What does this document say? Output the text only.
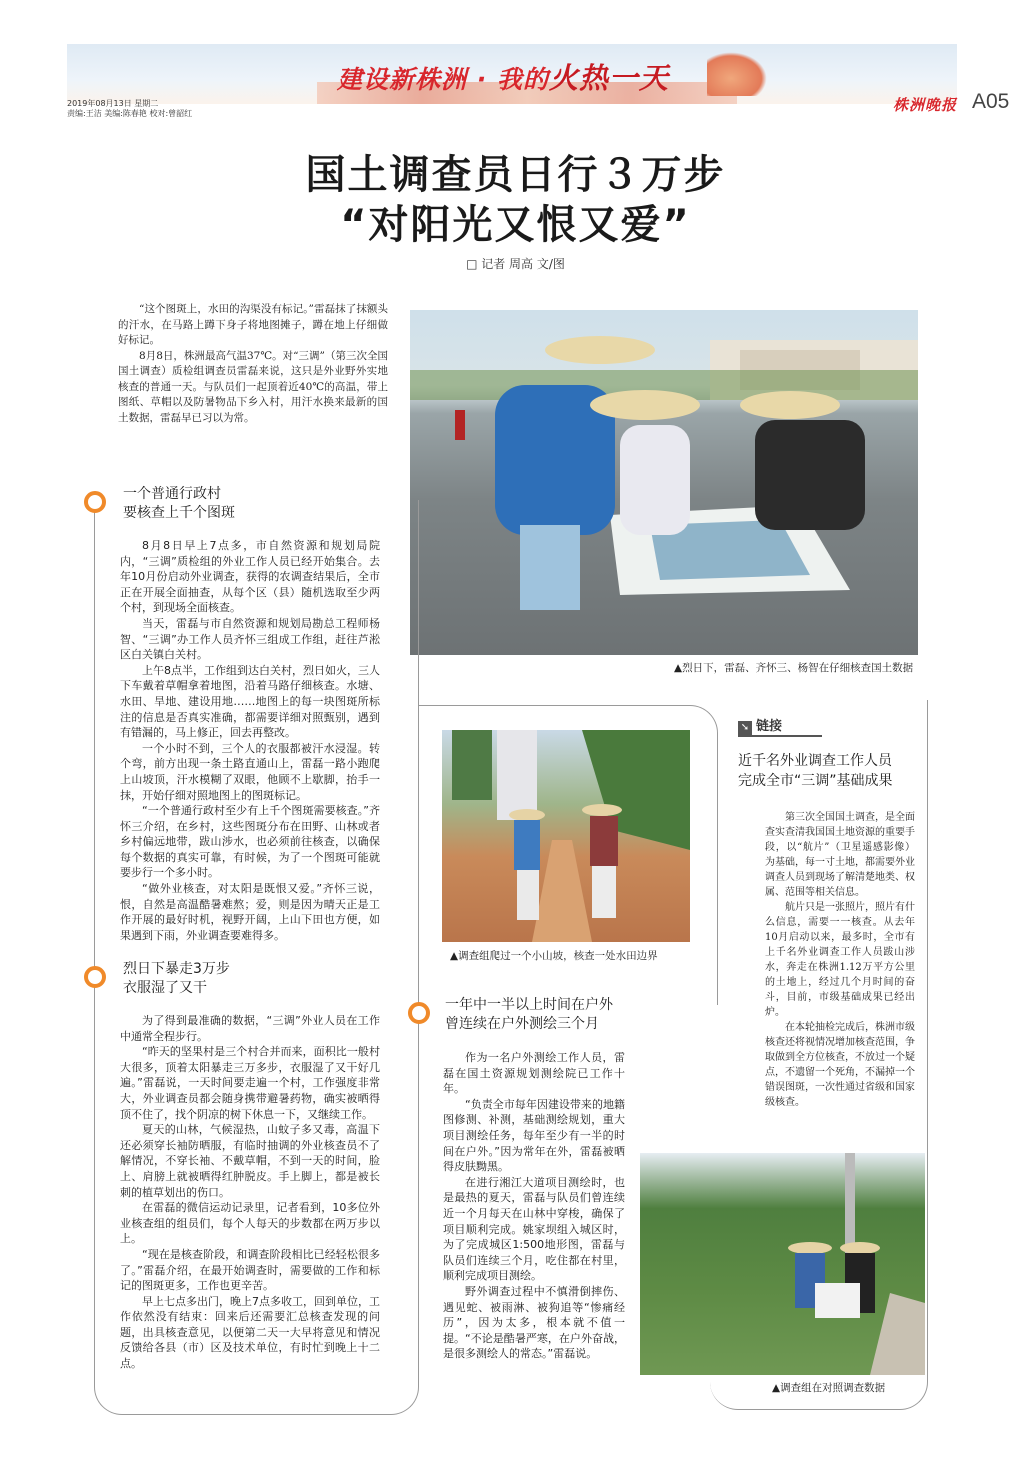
建设新株洲 · 我的火热一天
株洲晚报 A05
2019年08月13日 星期二
责编:王洁 美编:陈春艳 校对:曾韶红
国土调查员日行３万步
“对阳光又恨又爱”
□ 记者 周高 文/图

“这个图斑上，水田的沟渠没有标记。”雷磊抹了抹额头的汗水，在马路上蹲下身子将地图摊子，蹲在地上仔细做好标记。

8月8日，株洲最高气温37℃。对“三调”（第三次全国国土调查）质检组调查员雷磊来说，这只是外业野外实地核查的普通一天。与队员们一起顶着近40℃的高温，带上图纸、草帽以及防暑物品下乡入村，用汗水换来最新的国土数据，雷磊早已习以为常。

▲烈日下，雷磊、齐怀三、杨智在仔细核查国土数据
一个普通行政村
要核查上千个图斑

8月8日早上7点多，市自然资源和规划局院内，“三调”质检组的外业工作人员已经开始集合。去年10月份启动外业调查，获得的农调查结果后，全市正在开展全面抽查，从每个区（县）随机选取至少两个村，到现场全面核查。

当天，雷磊与市自然资源和规划局勘总工程师杨智、“三调”办工作人员齐怀三组成工作组，赶往芦淞区白关镇白关村。

上午8点半，工作组到达白关村，烈日如火，三人下车戴着草帽拿着地图，沿着马路仔细核查。水塘、水田、旱地、建设用地……地图上的每一块图斑所标注的信息是否真实准确，都需要详细对照甄别，遇到有错漏的，马上修正，回去再整改。

一个小时不到，三个人的衣服都被汗水浸湿。转个弯，前方出现一条土路直通山上，雷磊一路小跑爬上山坡顶，汗水模糊了双眼，他顾不上歇脚，抬手一抹，开始仔细对照地图上的图斑标记。

“一个普通行政村至少有上千个图斑需要核查。”齐怀三介绍，在乡村，这些图斑分布在田野、山林或者乡村偏远地带，跋山涉水，也必须前往核查，以确保每个数据的真实可靠，有时候，为了一个图斑可能就要步行一个多小时。

“做外业核查，对太阳是既恨又爱。”齐怀三说，恨，自然是高温酷暑难熬；爱，则是因为晴天正是工作开展的最好时机，视野开阔，上山下田也方便，如果遇到下雨，外业调查要难得多。

烈日下暴走3万步
衣服湿了又干

为了得到最准确的数据，“三调”外业人员在工作中通常全程步行。

“昨天的坚果村是三个村合并而来，面积比一般村大很多，顶着太阳暴走三万多步，衣服湿了又干好几遍。”雷磊说，一天时间要走遍一个村，工作强度非常大，外业调查员都会随身携带避暑药物，确实被晒得顶不住了，找个阴凉的树下休息一下，又继续工作。

夏天的山林，气候湿热，山蚊子多又毒，高温下还必须穿长袖防晒服，有临时抽调的外业核查员不了解情况，不穿长袖、不戴草帽，不到一天的时间，脸上、肩膀上就被晒得红肿脱皮。手上脚上，都是被长刺的植草划出的伤口。

在雷磊的微信运动记录里，记者看到，10多位外业核查组的组员们，每个人每天的步数都在两万步以上。

“现在是核查阶段，和调查阶段相比已经轻松很多了。”雷磊介绍，在最开始调查时，需要做的工作和标记的图斑更多，工作也更辛苦。

早上七点多出门，晚上7点多收工，回到单位，工作依然没有结束：回来后还需要汇总核查发现的问题，出具核查意见，以便第二天一大早将意见和情况反馈给各县（市）区及技术单位，有时忙到晚上十二点。

▲调查组爬过一个小山坡，核查一处水田边界
一年中一半以上时间在户外
曾连续在户外测绘三个月

作为一名户外测绘工作人员，雷磊在国土资源规划测绘院已工作十年。

“负责全市每年因建设带来的地籍图修测、补测，基础测绘规划，重大项目测绘任务，每年至少有一半的时间在户外。”因为常年在外，雷磊被晒得皮肤黝黑。

在进行湘江大道项目测绘时，也是最热的夏天，雷磊与队员们曾连续近一个月每天在山林中穿梭，确保了项目顺利完成。姚家坝组入城区时，为了完成城区1:500地形图，雷磊与队员们连续三个月，吃住都在村里，顺利完成项目测绘。

野外调查过程中不慎滑倒摔伤、遇见蛇、被雨淋、被狗追等“惨痛经历”，因为太多，根本就不值一提。“不论是酷暑严寒，在户外奋战，是很多测绘人的常态。”雷磊说。

➘ 链接
近千名外业调查工作人员
完成全市“三调”基础成果

第三次全国国土调查，是全面查实查清我国国土地资源的重要手段，以“航片”（卫星遥感影像）为基础，每一寸土地，都需要外业调查人员到现场了解清楚地类、权属、范围等相关信息。

航片只是一张照片，照片有什么信息，需要一一核查。从去年10月启动以来，最多时，全市有上千名外业调查工作人员跋山涉水，奔走在株洲1.12万平方公里的土地上，经过几个月时间的奋斗，目前，市级基础成果已经出炉。

在本轮抽检完成后，株洲市级核查还将视情况增加核查范围，争取做到全方位核查，不放过一个疑点，不遗留一个死角，不漏掉一个错误图斑，一次性通过省级和国家级核查。

▲调查组在对照调查数据
